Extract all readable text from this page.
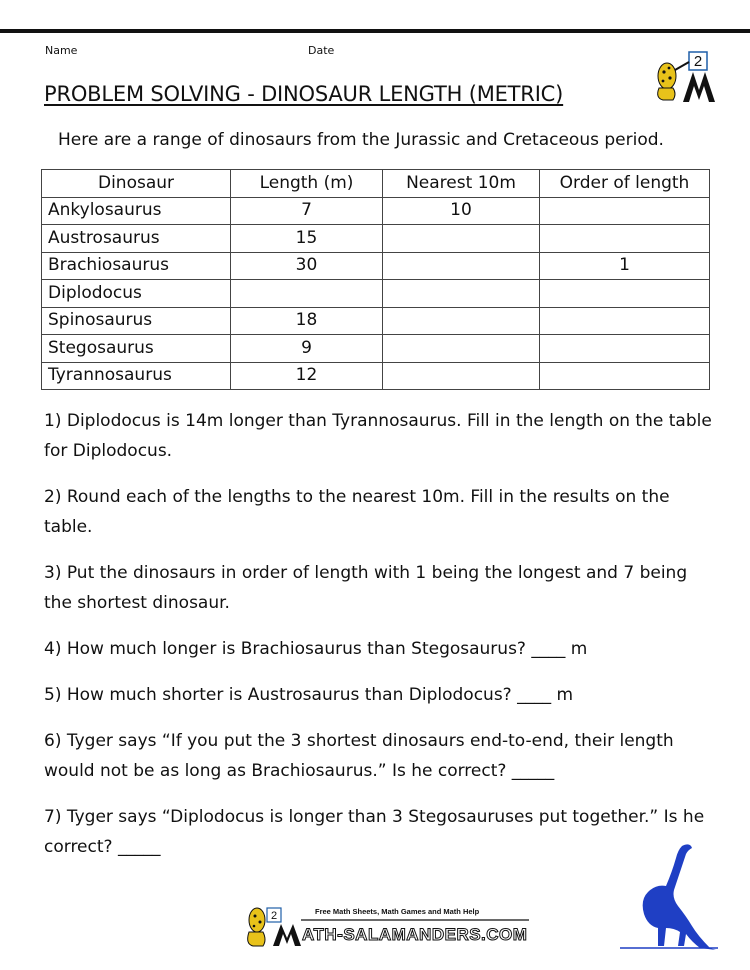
Name	Date
PROBLEM SOLVING - DINOSAUR LENGTH (METRIC)
2
Here are a range of dinosaurs from the Jurassic and Cretaceous period.
Dinosaur	Length (m)	Nearest 10m	Order of length
Ankylosaurus	7	10	
Austrosaurus	15		
Brachiosaurus	30		1
Diplodocus			
Spinosaurus	18		
Stegosaurus	9		
Tyrannosaurus	12		
1) Diplodocus is 14m longer than Tyrannosaurus. Fill in the length on the table for Diplodocus.
2) Round each of the lengths to the nearest 10m. Fill in the results on the table.
3) Put the dinosaurs in order of length with 1 being the longest and 7 being the shortest dinosaur.
4) How much longer is Brachiosaurus than Stegosaurus? ____ m
5) How much shorter is Austrosaurus than Diplodocus? ____ m
6) Tyger says “If you put the 3 shortest dinosaurs end-to-end, their length would not be as long as Brachiosaurus.” Is he correct? _____
7) Tyger says “Diplodocus is longer than 3 Stegosauruses put together.” Is he correct? _____
2	Free Math Sheets, Math Games and Math Help
ATH-SALAMANDERS.COM
